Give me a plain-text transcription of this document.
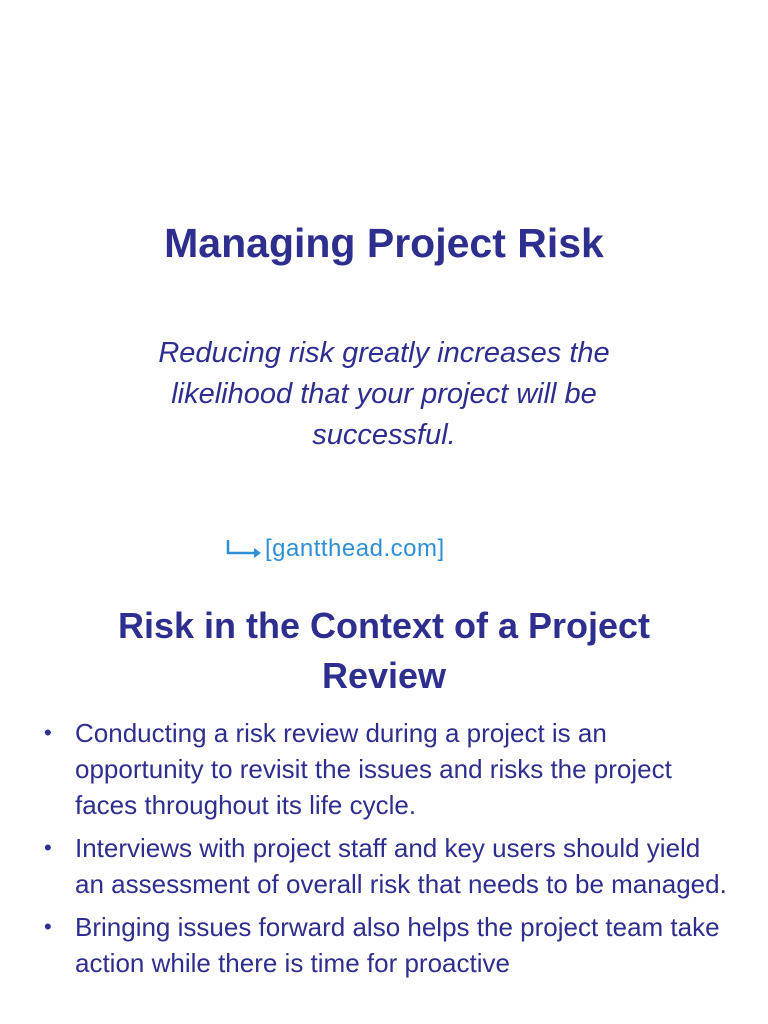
Managing Project Risk
Reducing risk greatly increases the likelihood that your project will be successful.
[gantthead.com]
Risk in the Context of a Project Review
• Conducting a risk review during a project is an opportunity to revisit the issues and risks the project faces throughout its life cycle.
• Interviews with project staff and key users should yield an assessment of overall risk that needs to be managed.
• Bringing issues forward also helps the project team take action while there is time for proactive
